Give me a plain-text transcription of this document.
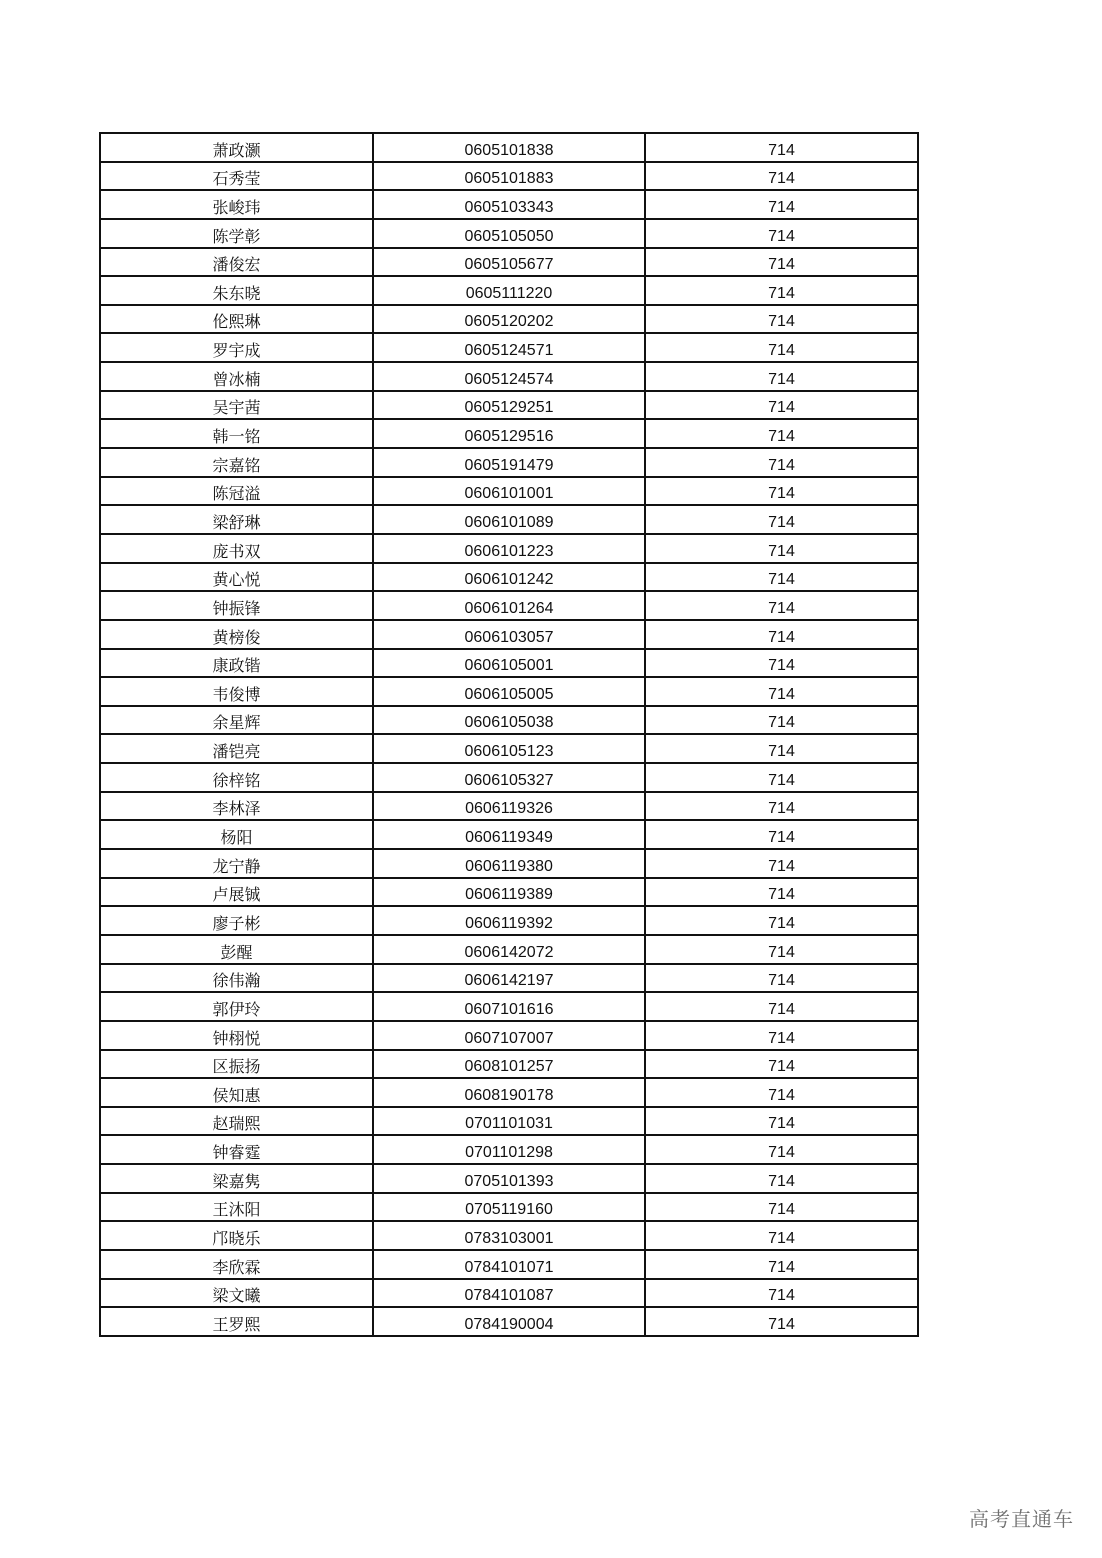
萧政灏	0605101838	714
石秀莹	0605101883	714
张峻玮	0605103343	714
陈学彰	0605105050	714
潘俊宏	0605105677	714
朱东晓	0605111220	714
伦熙琳	0605120202	714
罗宇成	0605124571	714
曾冰楠	0605124574	714
吴宇茜	0605129251	714
韩一铭	0605129516	714
宗嘉铭	0605191479	714
陈冠溢	0606101001	714
梁舒琳	0606101089	714
庞书双	0606101223	714
黄心悦	0606101242	714
钟振锋	0606101264	714
黄榜俊	0606103057	714
康政锴	0606105001	714
韦俊博	0606105005	714
余星辉	0606105038	714
潘铠亮	0606105123	714
徐梓铭	0606105327	714
李林泽	0606119326	714
杨阳	0606119349	714
龙宁静	0606119380	714
卢展铖	0606119389	714
廖子彬	0606119392	714
彭醒	0606142072	714
徐伟瀚	0606142197	714
郭伊玲	0607101616	714
钟栩悦	0607107007	714
区振扬	0608101257	714
侯知惠	0608190178	714
赵瑞熙	0701101031	714
钟睿霆	0701101298	714
梁嘉隽	0705101393	714
王沐阳	0705119160	714
邝晓乐	0783103001	714
李欣霖	0784101071	714
梁文曦	0784101087	714
王罗熙	0784190004	714
高考直通车
